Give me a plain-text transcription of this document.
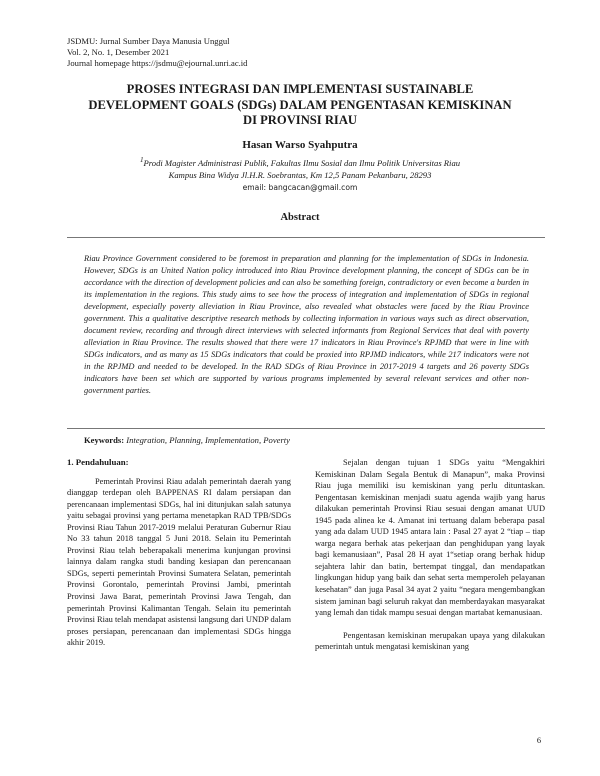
JSDMU: Jurnal Sumber Daya Manusia Unggul
Vol. 2, No. 1, Desember 2021
Journal homepage https://jsdmu@ejournal.unri.ac.id
PROSES INTEGRASI DAN IMPLEMENTASI SUSTAINABLE
DEVELOPMENT GOALS (SDGs) DALAM PENGENTASAN KEMISKINAN
DI PROVINSI RIAU
Hasan Warso Syahputra
$^1$Prodi Magister Administrasi Publik, Fakultas Ilmu Sosial dan Ilmu Politik Universitas Riau
Kampus Bina Widya Jl.H.R. Soebrantas, Km 12,5 Panam Pekanbaru, 28293
email: bangcacan@gmail.com
Abstract
Riau Province Government considered to be foremost in preparation and planning for the implementation of SDGs in Indonesia. However, SDGs is an United Nation policy introduced into Riau Province development planning, the concept of SDGs can be in accordance with the direction of development policies and can also be something foreign, contradictory or even become a burden in its implementation in the regions. This study aims to see how the process of integration and implementation of SDGs in regional development, especially poverty alleviation in Riau Province, also revealed what obstacles were faced by the Riau Province government. This a qualitative descriptive research methods by collecting information in various ways such as direct observation, document review, recording and through direct interviews with selected informants from Regional Services that deal with poverty alleviation in Riau Province. The results showed that there were 17 indicators in Riau Province's RPJMD that were in line with SDGs indicators, and as many as 15 SDGs indicators that could be proxied into RPJMD indicators, while 217 indicators were not in the RPJMD and needed to be developed. In the RAD SDGs of Riau Province in 2017-2019 4 targets and 26 poverty SDGs indicators have been set which are supported by various programs implemented by several relevant services and other non-government parties.
Keywords: Integration, Planning, Implementation, Poverty
1. Pendahuluan:

Pemerintah Provinsi Riau adalah pemerintah daerah yang dianggap terdepan oleh BAPPENAS RI dalam persiapan dan perencanaan implementasi SDGs, hal ini ditunjukan salah satunya yaitu sebagai provinsi yang pertama menetapkan RAD TPB/SDGs Provinsi Riau Tahun 2017-2019 melalui Peraturan Gubernur Riau No 33 tahun 2018 tanggal 5 Juni 2018. Selain itu Pemerintah Provinsi Riau telah beberapakali menerima kunjungan provinsi lainnya dalam rangka studi banding kesiapan dan perencanaan SDGs, seperti pemerintah Provinsi Sumatera Selatan, pemerintah Provinsi Gorontalo, pemerintah Provinsi Jambi, pmerintah Provinsi Jawa Barat, pemerintah Provinsi Jawa Tengah, dan pemerintah Provinsi Kalimantan Tengah. Selain itu pemerintah Provinsi Riau telah mendapat asistensi langsung dari UNDP dalam proses persiapan, perencanaan dan implementasi SDGs hingga akhir 2019.

Sejalan dengan tujuan 1 SDGs yaitu “Mengakhiri Kemiskinan Dalam Segala Bentuk di Manapun”, maka Provinsi Riau juga memiliki isu kemiskinan yang perlu dituntaskan. Pengentasan kemiskinan menjadi suatu agenda wajib yang harus dilakukan pemerintah Provinsi Riau sesuai dengan amanat UUD 1945 pada alinea ke 4. Amanat ini tertuang dalam beberapa pasal yang ada dalam UUD 1945 antara lain : Pasal 27 ayat 2 “tiap – tiap warga negara berhak atas pekerjaan dan penghidupan yang layak bagi kemanusiaan”, Pasal 28 H ayat 1“setiap orang berhak hidup sejahtera lahir dan batin, bertempat tinggal, dan mendapatkan lingkungan hidup yang baik dan sehat serta memperoleh pelayanan kesehatan” dan juga Pasal 34 ayat 2 yaitu “negara mengembangkan sistem jaminan bagi seluruh rakyat dan memberdayakan masyarakat yang lemah dan tidak mampu sesuai dengan martabat kemanusiaan.

Pengentasan kemiskinan merupakan upaya yang dilakukan pemerintah untuk mengatasi kemiskinan yang

6
